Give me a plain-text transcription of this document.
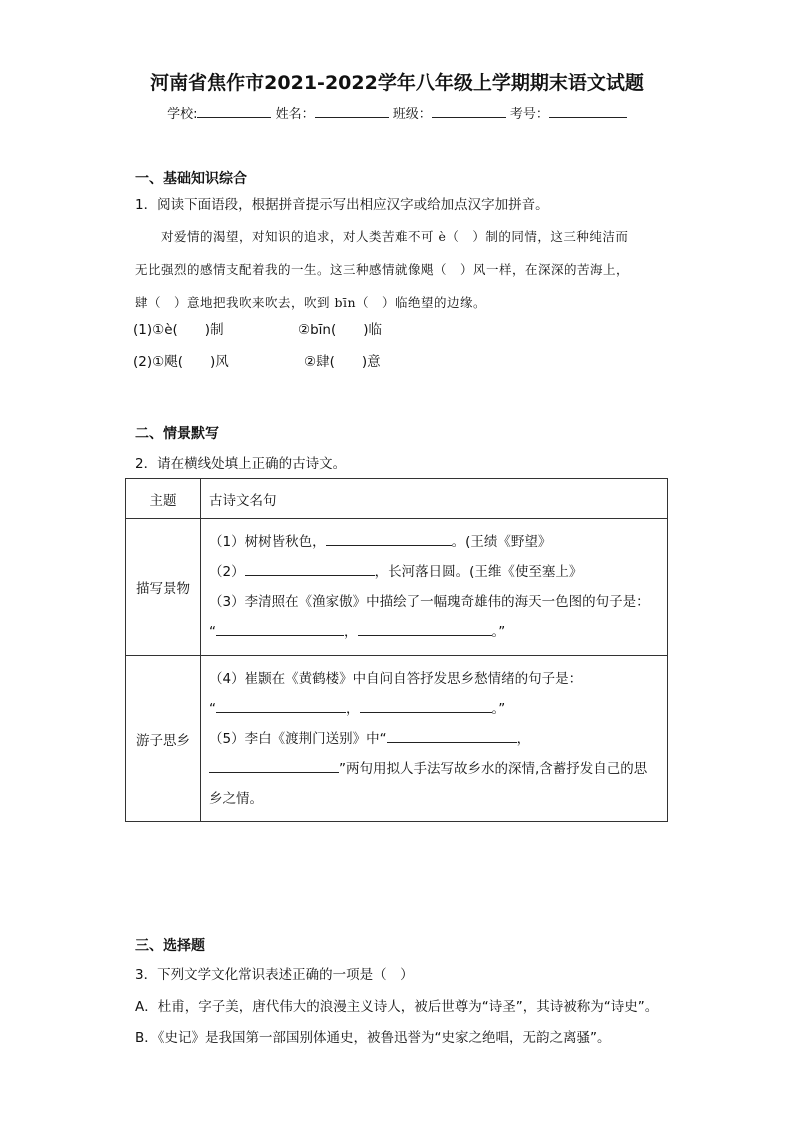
河南省焦作市2021-2022学年八年级上学期期末语文试题
学校:	姓名：	班级：	考号：
一、基础知识综合
1．阅读下面语段，根据拼音提示写出相应汉字或给加点汉字加拼音。

对爱情的渴望，对知识的追求，对人类苦难不可 è（　）制的同情，这三种纯洁而

无比强烈的感情支配着我的一生。这三种感情就像飓（　）风一样，在深深的苦海上，

肆（　）意地把我吹来吹去，吹到 bīn（　）临绝望的边缘。

(1)①è(　　)制	②bīn(　　)临
(2)①飓(　　)风	②肆(　　)意
二、情景默写
2．请在横线处填上正确的古诗文。
主题	古诗文名句
描写景物	（1）树树皆秋色， 。(王绩《野望》
（2） ，长河落日圆。(王维《使至塞上》
（3）李清照在《渔家傲》中描绘了一幅瑰奇雄伟的海天一色图的句子是：
“ ， 。”

游子思乡	（4）崔颢在《黄鹤楼》中自问自答抒发思乡愁情绪的句子是：
“ ， 。”
（5）李白《渡荆门送别》中“ ，
”两句用拟人手法写故乡水的深情,含蓄抒发自己的思
乡之情。
三、选择题
3．下列文学文化常识表述正确的一项是（　）
A．杜甫，字子美，唐代伟大的浪漫主义诗人，被后世尊为“诗圣”，其诗被称为“诗史”。
B．《史记》是我国第一部国别体通史，被鲁迅誉为“史家之绝唱，无韵之离骚”。
